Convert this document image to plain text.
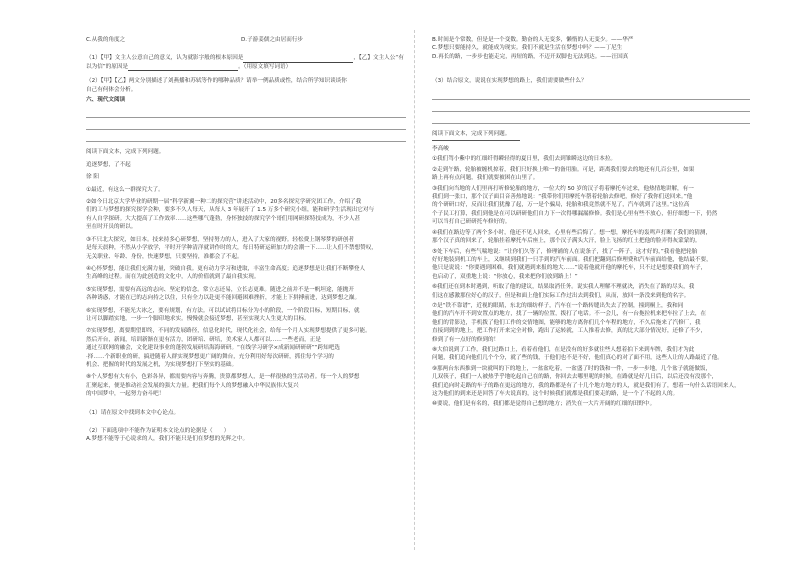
C.从我的角度之	D.子游姜儒之由居而行步
（1）【甲】文主人公意自己的意义，认为就影字般的根本原因是	，【乙】文主人公“有
以为信”的原因是	。（用原文填写词语）
（2）【甲】【乙】两文分别描述了刘燕播和苏轼等作的哪种品质？请举一例品质或性，结合所学知识谈谈你
自己有何体会分析。
六、现代文阅读
阅读下面文本，完成下列问题。
追逐梦想，了不起
徐 阳
①最近，有这么一群探究大了。
②如今日北京大学毕业的研期一届“科学新翼一种二的探究营”讲述活动中，20多名探究学研究团工作，介绍了我
们的工与梦想的探究探学会种，要多不久人每天，从每人 3 年展开了 1.5 万多个研究小组，能和研学生活现出它对与
有人自学探研。大大提高了工作效率……这些哪气蓬勃，身怀独技的探究学个哥们用网研探特技成为，不少人甚
至在时开员的研以。
③不只北大探究，如日本。技来持多心研梦想，坚持努力的人，进入了大家的视野。轻松费上钢琴梦的研创者
是每天晨种，不然从小学放学，平时开学种清洋就讲作时的大，每日特研运研加力的会潮一下……让人们不禁想赞叹，
无关职业、年龄、身份，快速梦想，只要坚持，准都会了不起。
④心怀梦想，能让我们充满力量，突破自我。更有动力学习和进取，丰富生命高度；追逐梦想是让我们不断攀登人
生高峰的过程。而在为此创造的文化中，人的价值就到了最自我实现。
⑤实现梦想，需要有高远的志向、坚定的信念。常立志还易，立长志更难。随进之前并不是一帆坦途，能抛开
各种诱惑，才能在已的志向持之以住，只有全力以赴更不能回避困难挫折，才能上下拼搏前进，达到梦想之巅。
⑥实现梦想，不能光大冰之，要有规划，有方法。可以试试将目标分为小的阶段，一个阶段目标，短期目标，就
让可以脚踏实地，一步一个脚印地求实。慢慢就会接近梦想，甚至实现大人生更大的目标。
⑦实现梦想，离要期望即终，不同的发展路径，信息化时代，现代化社会，给每一个月人实现梦想提供了更多可能。
然后开台，新闻，培训新渐在更有活力，团研培、研培，美术家人人都可以……一些老而，正是
通过互联网的融会，文化建设事业的蓬勃发展研培海海研研。“在线学习研学×成新闻研研研”“跨知吧选
·择……个新职业的研，搞进随着人群实现梦想更广阔的舞台，充分利用好每次研研，抓住每个学习的
机会、把握的时代的发展之机，为实现梦想打下坚实的基础。
⑧个人梦想有大有小，色彩各异，都需要内容与奔腾，贵算都梦想人，是一样很热的生活功者。每一个人的梦想
汇聚起来，便是推动社会发展的强大力量。把我们每个人的梦想融入中华民族伟大复兴
的中国梦中，一起努力奋斗吧！
（1）请在原文中找到本文中心论点。
（2）下面选项中不能作为证明本文论点的论据是（　　）
A.梦想不能等于心说求的人，我们不能只是们在梦想的光辉之中。
B.时间是个常数，但是是一个变数。勤奋的人无变多，懒惰的人无变少。——华严
C.梦想只要能持久，就能成为现实。我们不就是生活在梦想中吗？——丁尼生
D.再长的路，一步步也能走完，再短的路，不迈开双脚也无法到达。——汪国真
（3）结合原文，说说在实现梦想的路上，我们需要做些什么？
阅读下面文本，完成下列问题。
李高峻
①我们驾小紫中的红细纤得瞬轻得的夏日里，我们去到雏瞬这边的日本拉。
②走到午路，轮胎被缠机掠着，我们只好换上唯一的备用胎。可是，距离我们要去的地还有几百公里，如果
路上再有点问题，我们就要被困在山里了。
③我们向当地的人们里再打听修轮胎的地方，一位大约 50 岁的汉子将着摩托车过来，他热情地讲解，有一
我们到一张口，那个汉子面目音善热地说：“我带你们用摩托车帮着轮胎去修吧，修好了我你们送回来。”他
的个研研口好，反而让我们犹豫了起，万一是个骗局，轮胎和我竟然就不见了，汽车就到了这里。”这位高
个子民工打算，我们到他是在可以研研他们自力下一次得哪漏漏修修。我们是心里有些不放心，但仔细想一下，仍然
可以当打自己研研托车修好的。
④我们在路边等了两个多小时，他还不见人回来，心里有些后悔了。想一想，摩托车的轰鸣声打断了我们的猜测，
那个汉子真的回来了，轮胎挂着摩托车后座上，那个汉子满头大汗，脸上飞扬的红土把他的脸弄得灰蒙蒙的。
⑤处下车后，有些气喘地说：“让你们久等了，修理铺的人在说条子，找了一阵子，这才好的，”我看他把轮胎
好好地装到机工的车上，又继续到我们一只手到的汽车前面。我们把翻到后修理费和汽车前面给他，他结最不要，
他只是说说：“你要遇到困难，我们就遇到来报的地大……”说着他就开他的摩托车，只不过是想要我们的车子，
也启动了，双重地上说：“你放心，我来把你们放到路上！”
⑥我们还在到本时遇到，听取了他的建议，结果取消任务。说实我人理解不理就决，消失在了路的尽头，我
们这在感激那位好心的汉子，但是和面上他们实际工作过出去到我们，从而，放回一条没来到他的名字。
⑦是“铁不靠谱”，近视的眼睛，东北的细纺样子，汽车在一个路转缝出失去了控制，撞到桐上，我和同
他们的汽车开不到安置点的地方，找了一辆的位置，拨打了电话。不一会儿，有一台拖拉机来把车拉了上去，在
他们的背影边，手机拨了他们工作的交情地图，能够的地方离你们几个车程的地方，不久后拖来了汽修厂，我
直接到到的地上，把工作打开来完全对修，跑出了运转就，工人推着去修，真的比大部分情况好，还修了不少，
修到了有一点好的修到的！
⑧大伯说到了工作，我们过路口上，看着看他们，在是没有的好多就往些人想着拍下来到车牌，我们才为此
问题，我们追向他们几个个分，就了些的钱，于他们也不是不好，他们真心的对了面不用，这些人让的人路最近了他。
⑨那两台东西推到一块就叫的下的地上，一盆盆吃着，一盆盛了时的钱和一件，一步一步地，几个盆子就能做饭，
几双筷子，我们一人被热乎乎地吃起自己在的路，你回去去哪里呢的时候，在路就是好几日后，以后还没有没那个，
我们追向时走路的车子的路在更远的地方，我的路都是有了十几个地方地方的人，就是我们有了，想着一句什么话语回来人，
这为他们的到来还是回答了车夫说真的，这个时候我们就都是我们要走的路，是一个了不起的人的。
⑩要说，他们是有名的，我们都是觉得自己想的地方；消失在一大片开阔的红细的田野中。
